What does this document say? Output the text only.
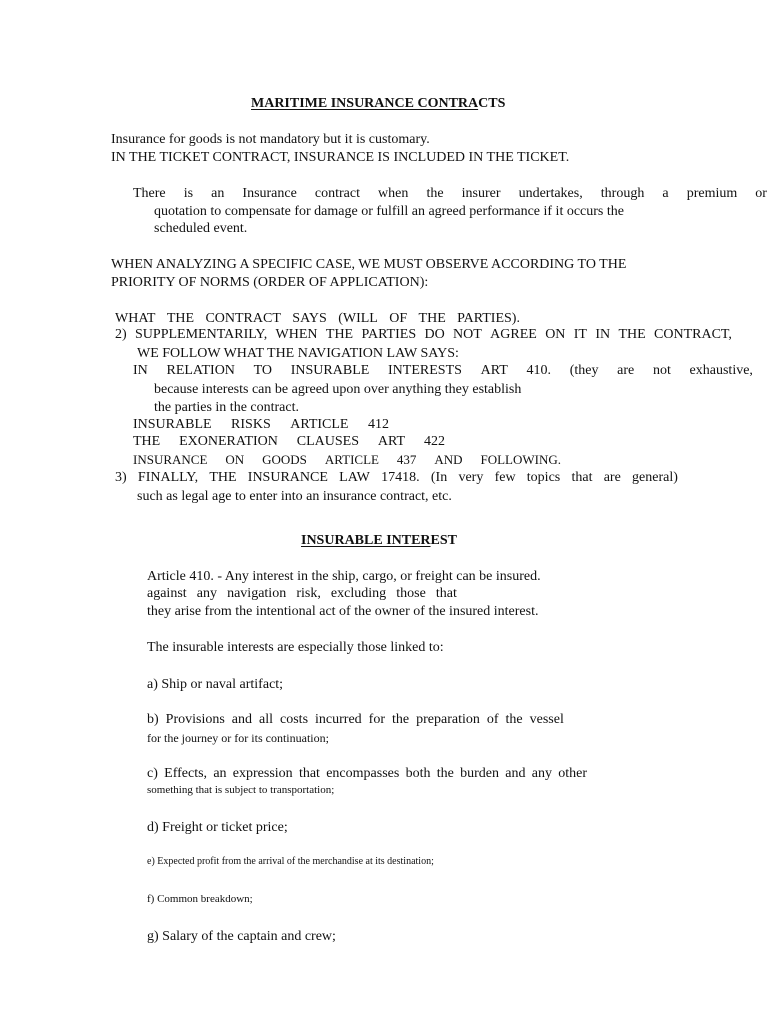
MARITIME INSURANCE CONTRACTS
Insurance for goods is not mandatory but it is customary.
IN THE TICKET CONTRACT, INSURANCE IS INCLUDED IN THE TICKET.
There is an Insurance contract when the insurer undertakes, through a premium or
quotation to compensate for damage or fulfill an agreed performance if it occurs the
scheduled event.
WHEN ANALYZING A SPECIFIC CASE, WE MUST OBSERVE ACCORDING TO THE
PRIORITY OF NORMS (ORDER OF APPLICATION):
WHAT THE CONTRACT SAYS (WILL OF THE PARTIES).
2) SUPPLEMENTARILY, WHEN THE PARTIES DO NOT AGREE ON IT IN THE CONTRACT,
WE FOLLOW WHAT THE NAVIGATION LAW SAYS:
IN RELATION TO INSURABLE INTERESTS ART 410. (they are not exhaustive,
because interests can be agreed upon over anything they establish
the parties in the contract.
INSURABLE RISKS ARTICLE 412
THE EXONERATION CLAUSES ART 422
INSURANCE ON GOODS ARTICLE 437 AND FOLLOWING.
3) FINALLY, THE INSURANCE LAW 17418. (In very few topics that are general)
such as legal age to enter into an insurance contract, etc.
INSURABLE INTEREST
Article 410. - Any interest in the ship, cargo, or freight can be insured.
against any navigation risk, excluding those that
they arise from the intentional act of the owner of the insured interest.
The insurable interests are especially those linked to:
a) Ship or naval artifact;
b) Provisions and all costs incurred for the preparation of the vessel
for the journey or for its continuation;
c) Effects, an expression that encompasses both the burden and any other
something that is subject to transportation;
d) Freight or ticket price;
e) Expected profit from the arrival of the merchandise at its destination;
f) Common breakdown;
g) Salary of the captain and crew;
